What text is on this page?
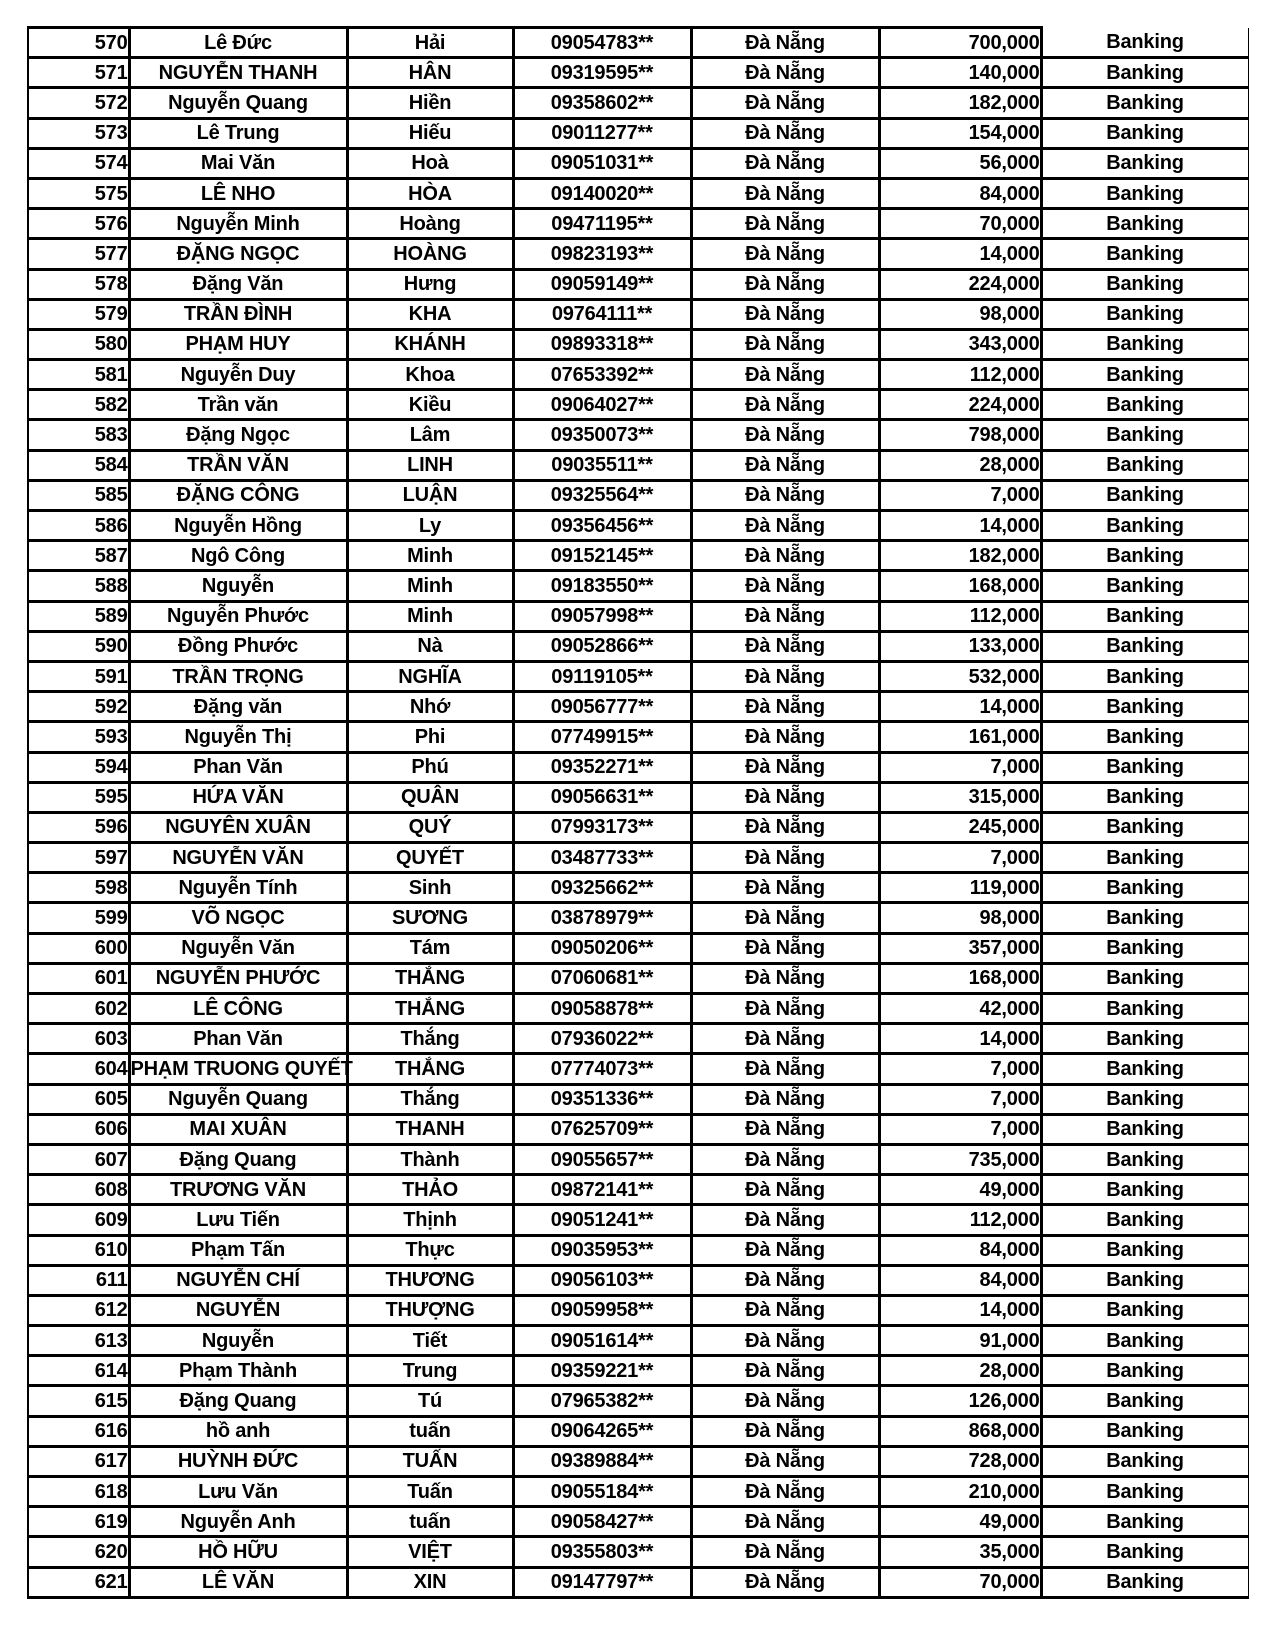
570	Lê Đức	Hải	09054783**	Đà Nẵng	700,000	Banking
571	NGUYỄN THANH	HÂN	09319595**	Đà Nẵng	140,000	Banking
572	Nguyễn Quang	Hiền	09358602**	Đà Nẵng	182,000	Banking
573	Lê Trung	Hiếu	09011277**	Đà Nẵng	154,000	Banking
574	Mai Văn	Hoà	09051031**	Đà Nẵng	56,000	Banking
575	LÊ NHO	HÒA	09140020**	Đà Nẵng	84,000	Banking
576	Nguyễn Minh	Hoàng	09471195**	Đà Nẵng	70,000	Banking
577	ĐẶNG NGỌC	HOÀNG	09823193**	Đà Nẵng	14,000	Banking
578	Đặng Văn	Hưng	09059149**	Đà Nẵng	224,000	Banking
579	TRẦN ĐÌNH	KHA	09764111**	Đà Nẵng	98,000	Banking
580	PHẠM HUY	KHÁNH	09893318**	Đà Nẵng	343,000	Banking
581	Nguyễn Duy	Khoa	07653392**	Đà Nẵng	112,000	Banking
582	Trần văn	Kiều	09064027**	Đà Nẵng	224,000	Banking
583	Đặng Ngọc	Lâm	09350073**	Đà Nẵng	798,000	Banking
584	TRẦN VĂN	LINH	09035511**	Đà Nẵng	28,000	Banking
585	ĐẶNG CÔNG	LUẬN	09325564**	Đà Nẵng	7,000	Banking
586	Nguyễn Hồng	Ly	09356456**	Đà Nẵng	14,000	Banking
587	Ngô Công	Minh	09152145**	Đà Nẵng	182,000	Banking
588	Nguyễn	Minh	09183550**	Đà Nẵng	168,000	Banking
589	Nguyễn Phước	Minh	09057998**	Đà Nẵng	112,000	Banking
590	Đồng Phước	Nà	09052866**	Đà Nẵng	133,000	Banking
591	TRẦN TRỌNG	NGHĨA	09119105**	Đà Nẵng	532,000	Banking
592	Đặng văn	Nhớ	09056777**	Đà Nẵng	14,000	Banking
593	Nguyễn Thị	Phi	07749915**	Đà Nẵng	161,000	Banking
594	Phan Văn	Phú	09352271**	Đà Nẵng	7,000	Banking
595	HỨA VĂN	QUÂN	09056631**	Đà Nẵng	315,000	Banking
596	NGUYÊN XUÂN	QUÝ	07993173**	Đà Nẵng	245,000	Banking
597	NGUYỄN VĂN	QUYẾT	03487733**	Đà Nẵng	7,000	Banking
598	Nguyễn Tính	Sinh	09325662**	Đà Nẵng	119,000	Banking
599	VÕ NGỌC	SƯƠNG	03878979**	Đà Nẵng	98,000	Banking
600	Nguyễn Văn	Tám	09050206**	Đà Nẵng	357,000	Banking
601	NGUYỄN PHƯỚC	THẮNG	07060681**	Đà Nẵng	168,000	Banking
602	LÊ CÔNG	THẮNG	09058878**	Đà Nẵng	42,000	Banking
603	Phan Văn	Thắng	07936022**	Đà Nẵng	14,000	Banking
604	PHẠM TRUONG QUYẾT	THẮNG	07774073**	Đà Nẵng	7,000	Banking
605	Nguyễn Quang	Thắng	09351336**	Đà Nẵng	7,000	Banking
606	MAI XUÂN	THANH	07625709**	Đà Nẵng	7,000	Banking
607	Đặng Quang	Thành	09055657**	Đà Nẵng	735,000	Banking
608	TRƯƠNG VĂN	THẢO	09872141**	Đà Nẵng	49,000	Banking
609	Lưu Tiến	Thịnh	09051241**	Đà Nẵng	112,000	Banking
610	Phạm Tấn	Thực	09035953**	Đà Nẵng	84,000	Banking
611	NGUYỄN CHÍ	THƯƠNG	09056103**	Đà Nẵng	84,000	Banking
612	NGUYỄN	THƯỢNG	09059958**	Đà Nẵng	14,000	Banking
613	Nguyễn	Tiết	09051614**	Đà Nẵng	91,000	Banking
614	Phạm Thành	Trung	09359221**	Đà Nẵng	28,000	Banking
615	Đặng Quang	Tú	07965382**	Đà Nẵng	126,000	Banking
616	hồ anh	tuấn	09064265**	Đà Nẵng	868,000	Banking
617	HUỲNH ĐỨC	TUẤN	09389884**	Đà Nẵng	728,000	Banking
618	Lưu Văn	Tuấn	09055184**	Đà Nẵng	210,000	Banking
619	Nguyễn Anh	tuấn	09058427**	Đà Nẵng	49,000	Banking
620	HỒ HỮU	VIỆT	09355803**	Đà Nẵng	35,000	Banking
621	LÊ VĂN	XIN	09147797**	Đà Nẵng	70,000	Banking
